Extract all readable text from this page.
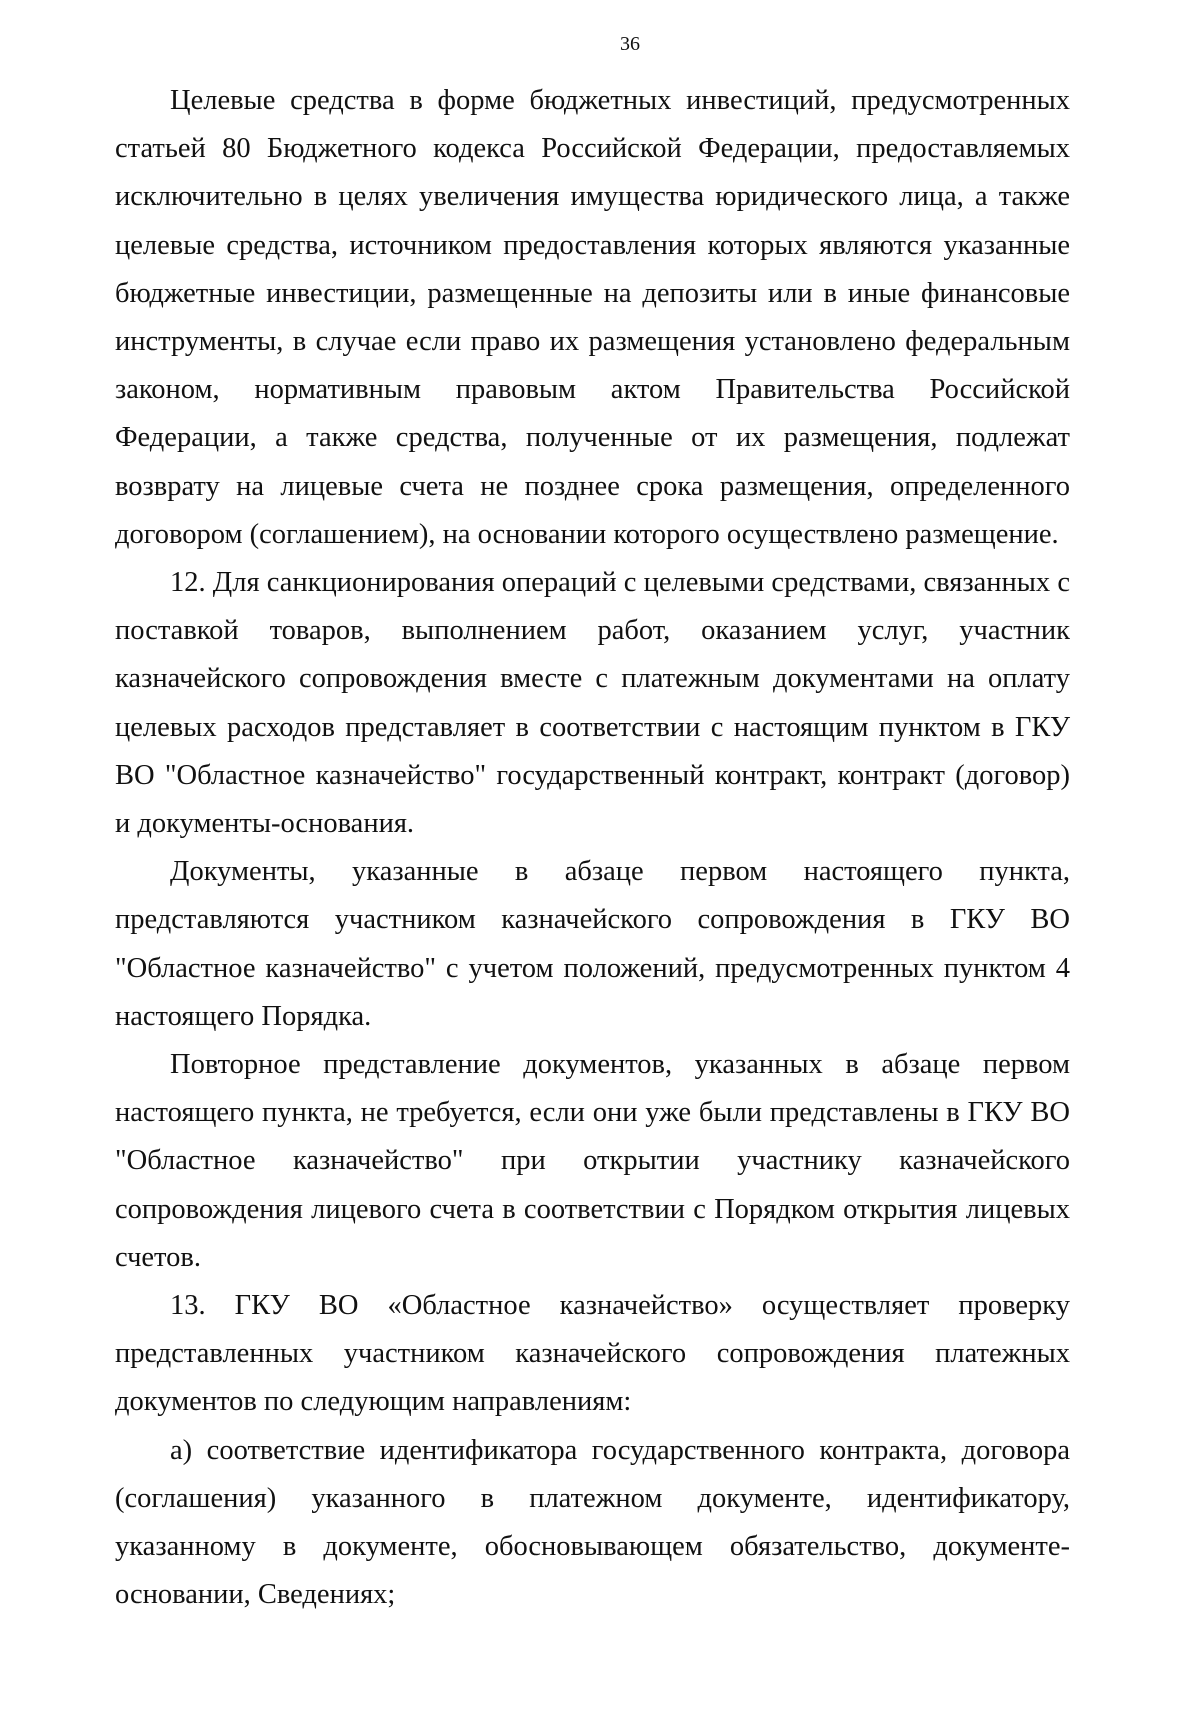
36

Целевые средства в форме бюджетных инвестиций, предусмотренных статьей 80 Бюджетного кодекса Российской Федерации, предоставляемых исключительно в целях увеличения имущества юридического лица, а также целевые средства, источником предоставления которых являются указанные бюджетные инвестиции, размещенные на депозиты или в иные финансовые инструменты, в случае если право их размещения установлено федеральным законом, нормативным правовым актом Правительства Российской Федерации, а также средства, полученные от их размещения, подлежат возврату на лицевые счета не позднее срока размещения, определенного договором (соглашением), на основании которого осуществлено размещение.

12. Для санкционирования операций с целевыми средствами, связанных с поставкой товаров, выполнением работ, оказанием услуг, участник казначейского сопровождения вместе с платежным документами на оплату целевых расходов представляет в соответствии с настоящим пунктом в ГКУ ВО "Областное казначейство" государственный контракт, контракт (договор) и документы-основания.

Документы, указанные в абзаце первом настоящего пункта, представляются участником казначейского сопровождения в ГКУ ВО "Областное казначейство" с учетом положений, предусмотренных пунктом 4 настоящего Порядка.

Повторное представление документов, указанных в абзаце первом настоящего пункта, не требуется, если они уже были представлены в ГКУ ВО "Областное казначейство" при открытии участнику казначейского сопровождения лицевого счета в соответствии с Порядком открытия лицевых счетов.

13. ГКУ ВО «Областное казначейство» осуществляет проверку представленных участником казначейского сопровождения платежных документов по следующим направлениям:

а) соответствие идентификатора государственного контракта, договора (соглашения) указанного в платежном документе, идентификатору, указанному в документе, обосновывающем обязательство, документе-основании, Сведениях;
